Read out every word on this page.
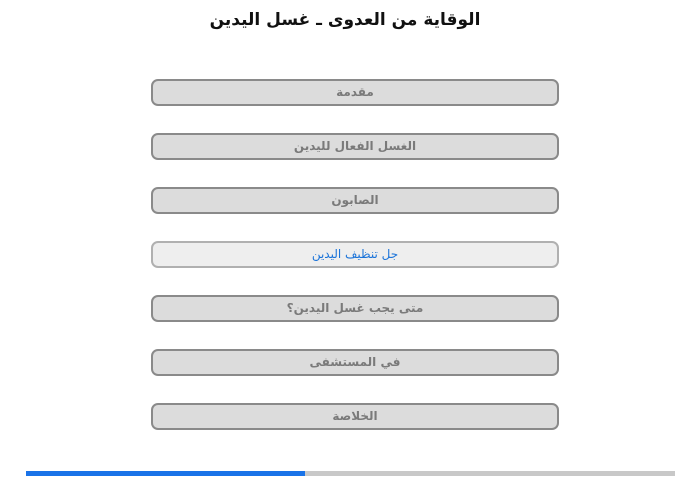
الوقاية من العدوى ـ غسل اليدين
مقدمة
الغسل الفعال لليدين
الصابون
جل تنظيف اليدين
متى يجب غسل اليدين؟
في المستشفى
الخلاصة
